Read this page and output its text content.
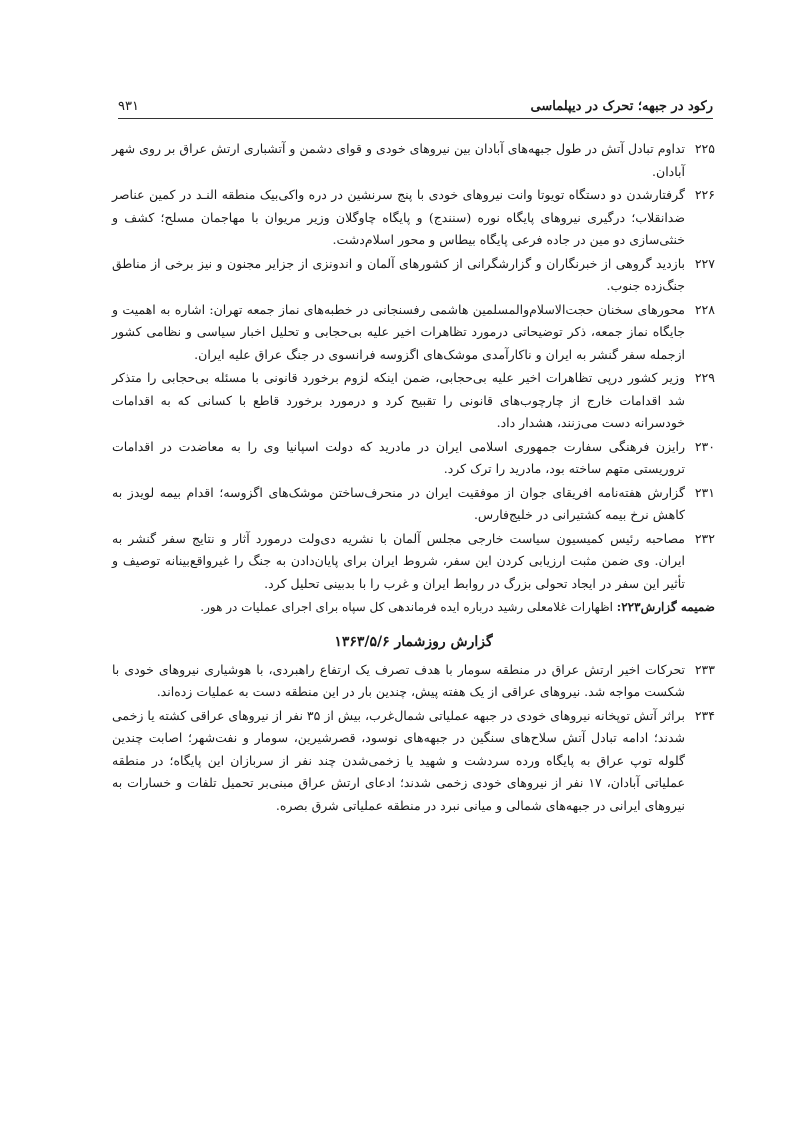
رکود در جبهه؛ تحرک در دیپلماسی
۹۳۱
۲۲۵
تداوم تبادل آتش در طول جبهه‌های آبادان بین نیروهای خودی و قوای دشمن و آتشباری ارتش عراق بر روی شهر آبادان.
۲۲۶
گرفتارشدن دو دستگاه تویوتا وانت نیروهای خودی با پنج سرنشین در دره واکی‌بیک منطقه النـد در کمین عناصر ضدانقلاب؛ درگیری نیروهای پایگاه نوره (سنندج) و پایگاه چاوگلان وزیر مریوان با مهاجمان مسلح؛ کشف و خنثی‌سازی دو مین در جاده فرعی پایگاه بیطاس و محور اسلام‌دشت.
۲۲۷
بازدید گروهی از خبرنگاران و گزارشگرانی از کشورهای آلمان و اندونزی از جزایر مجنون و نیز برخی از مناطق جنگ‌زده جنوب.
۲۲۸
محورهای سخنان حجت‌الاسلام‌والمسلمین هاشمی رفسنجانی در خطبه‌های نماز جمعه تهران: اشاره به اهمیت و جایگاه نماز جمعه، ذکر توضیحاتی درمورد تظاهرات اخیر علیه بی‌حجابی و تحلیل اخبار سیاسی و نظامی کشور ازجمله سفر گنشر به ایران و ناکارآمدی موشک‌های اگزوسه فرانسوی در جنگ عراق علیه ایران.
۲۲۹
وزیر کشور درپی تظاهرات اخیر علیه بی‌حجابی، ضمن اینکه لزوم برخورد قانونی با مسئله بی‌حجابی را متذکر شد اقدامات خارج از چارچوب‌های قانونی را تقبیح کرد و درمورد برخورد قاطع با کسانی که به اقدامات خودسرانه دست می‌زنند، هشدار داد.
۲۳۰
رایزن فرهنگی سفارت جمهوری اسلامی ایران در مادرید که دولت اسپانیا وی را به معاضدت در اقدامات تروریستی متهم ساخته بود، مادرید را ترک کرد.
۲۳۱
گزارش هفته‌نامه افریقای جوان از موفقیت ایران در منحرف‌ساختن موشک‌های اگزوسه؛ اقدام بیمه لویدز به کاهش نرخ بیمه کشتیرانی در خلیج‌فارس.
۲۳۲
مصاحبه رئیس کمیسیون سیاست خارجی مجلس آلمان با نشریه دی‌ولت درمورد آثار و نتایج سفر گنشر به ایران. وی ضمن مثبت ارزیابی کردن این سفر، شروط ایران برای پایان‌دادن به جنگ را غیرواقع‌بینانه توصیف و تأثیر این سفر در ایجاد تحولی بزرگ در روابط ایران و غرب را با بدبینی تحلیل کرد.
ضمیمه گزارش۲۲۳: اظهارات غلامعلی رشید درباره ایده فرماندهی کل سپاه برای اجرای عملیات در هور.
گزارش روزشمار ۱۳۶۳/۵/۶
۲۳۳
تحرکات اخیر ارتش عراق در منطقه سومار با هدف تصرف یک ارتفاع راهبردی، با هوشیاری نیروهای خودی با شکست مواجه شد. نیروهای عراقی از یک هفته پیش، چندین بار در این منطقه دست به عملیات زده‌اند.
۲۳۴
براثر آتش توپخانه نیروهای خودی در جبهه عملیاتی شمال‌غرب، بیش از ۳۵ نفر از نیروهای عراقی کشته یا زخمی شدند؛ ادامه تبادل آتش سلاح‌های سنگین در جبهه‌های نوسود، قصرشیرین، سومار و نفت‌شهر؛ اصابت چندین گلوله توپ عراق به پایگاه ورده سردشت و شهید یا زخمی‌شدن چند نفر از سربازان این پایگاه؛ در منطقه عملیاتی آبادان، ۱۷ نفر از نیروهای خودی زخمی شدند؛ ادعای ارتش عراق مبنی‌بر تحمیل تلفات و خسارات به نیروهای ایرانی در جبهه‌های شمالی و میانی نبرد در منطقه عملیاتی شرق بصره.
